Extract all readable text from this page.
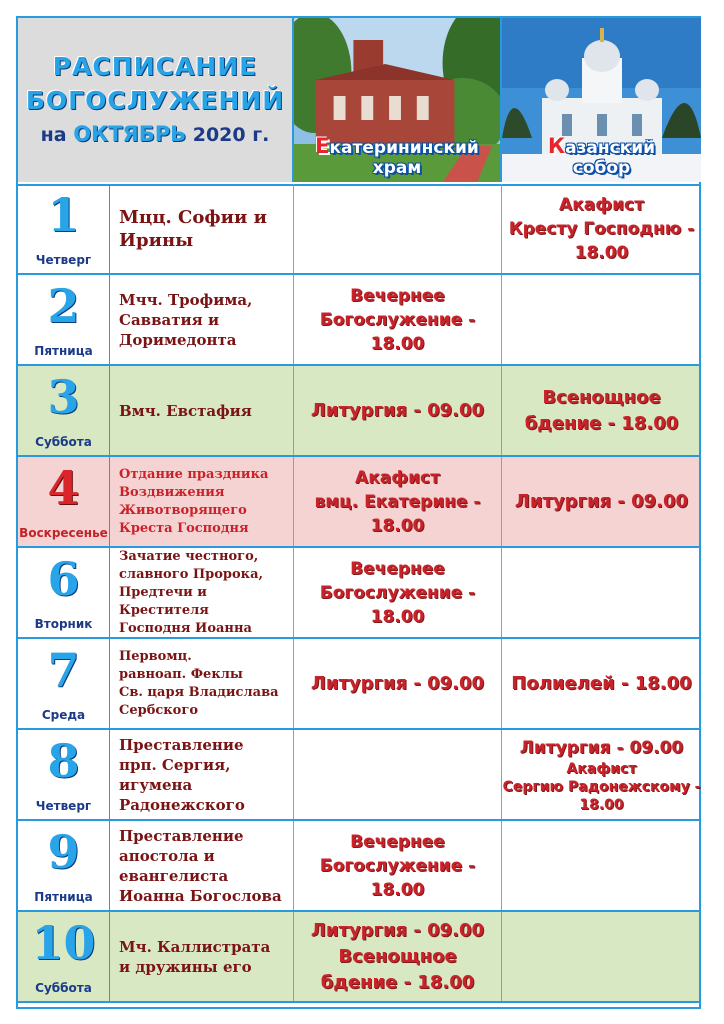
РАСПИСАНИЕ
БОГОСЛУЖЕНИЙ
на ОКТЯБРЬ 2020 г.	Екатерининский
храм
Казанский
собор
1
Четверг
Мцц. Софии и
Ирины
Акафист
Кресту Господню -
18.00
2
Пятница
Мчч. Трофима,
Савватия и
Доримедонта
Вечернее
Богослужение -
18.00
3
Суббота
Вмч. Евстафия	Литургия - 09.00
Всенощное
бдение - 18.00
4
Воскресенье
Отдание праздника
Воздвижения
Животворящего
Креста Господня
Акафист
вмц. Екатерине -
18.00
Литургия - 09.00
6
Вторник
Зачатие честного,
славного Пророка,
Предтечи и Крестителя
Господня Иоанна
Вечернее
Богослужение -
18.00
7
Среда
Первомц.
равноап. Феклы
Св. царя Владислава
Сербского
Литургия - 09.00 Полиелей - 18.00
8
Четверг
Преставление
прп. Сергия,
игумена
Радонежского
Литургия - 09.00
Акафист
Сергию Радонежскому -
18.00
9
Пятница
Преставление
апостола и
евангелиста
Иоанна Богослова
Вечернее
Богослужение -
18.00
10
Суббота
Мч. Каллистрата
и дружины его
Литургия - 09.00
Всенощное
бдение - 18.00
